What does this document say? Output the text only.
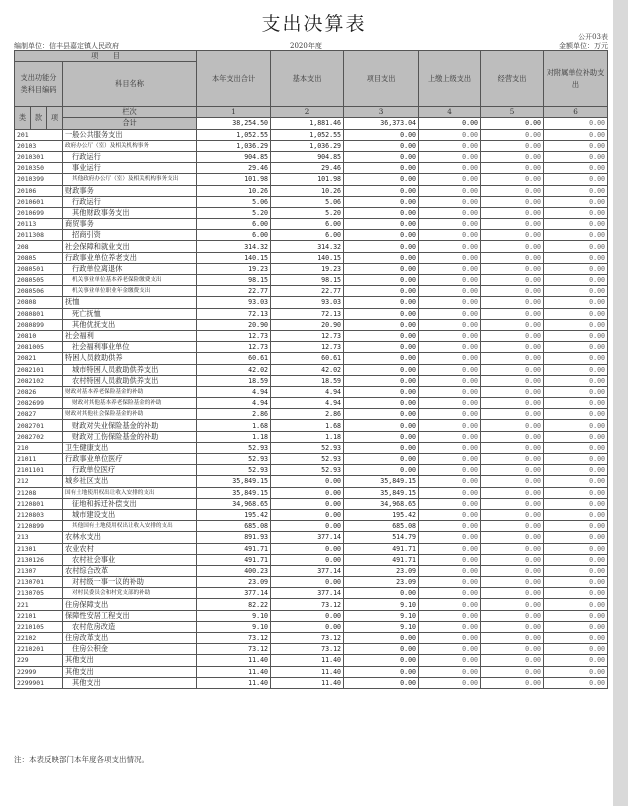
支出决算表
公开03表
编制单位：信丰县嘉定镇人民政府	2020年度	金额单位：万元
项　　目				本年支出合计	基本支出	项目支出	上缴上级支出	经营支出	对附属单位补助支出
支出功能分类科目编码			科目名称						
类	款	项	栏次	1	2	3	4	5	6
			合计	38,254.50	1,881.46	36,373.04	0.00	0.00	0.00
201			一般公共服务支出	1,052.55	1,052.55	0.00	0.00	0.00	0.00
20103			政府办公厅（室）及相关机构事务	1,036.29	1,036.29	0.00	0.00	0.00	0.00
2010301			行政运行	904.85	904.85	0.00	0.00	0.00	0.00
2010350			事业运行	29.46	29.46	0.00	0.00	0.00	0.00
2010399			其他政府办公厅（室）及相关机构事务支出	101.98	101.98	0.00	0.00	0.00	0.00
20106			财政事务	10.26	10.26	0.00	0.00	0.00	0.00
2010601			行政运行	5.06	5.06	0.00	0.00	0.00	0.00
2010699			其他财政事务支出	5.20	5.20	0.00	0.00	0.00	0.00
20113			商贸事务	6.00	6.00	0.00	0.00	0.00	0.00
2011308			招商引资	6.00	6.00	0.00	0.00	0.00	0.00
208			社会保障和就业支出	314.32	314.32	0.00	0.00	0.00	0.00
20805			行政事业单位养老支出	140.15	140.15	0.00	0.00	0.00	0.00
2080501			行政单位离退休	19.23	19.23	0.00	0.00	0.00	0.00
2080505			机关事业单位基本养老保险缴费支出	98.15	98.15	0.00	0.00	0.00	0.00
2080506			机关事业单位职业年金缴费支出	22.77	22.77	0.00	0.00	0.00	0.00
20808			抚恤	93.03	93.03	0.00	0.00	0.00	0.00
2080801			死亡抚恤	72.13	72.13	0.00	0.00	0.00	0.00
2080899			其他优抚支出	20.90	20.90	0.00	0.00	0.00	0.00
20810			社会福利	12.73	12.73	0.00	0.00	0.00	0.00
2081005			社会福利事业单位	12.73	12.73	0.00	0.00	0.00	0.00
20821			特困人员救助供养	60.61	60.61	0.00	0.00	0.00	0.00
2082101			城市特困人员救助供养支出	42.02	42.02	0.00	0.00	0.00	0.00
2082102			农村特困人员救助供养支出	18.59	18.59	0.00	0.00	0.00	0.00
20826			财政对基本养老保险基金的补助	4.94	4.94	0.00	0.00	0.00	0.00
2082699			财政对其他基本养老保险基金的补助	4.94	4.94	0.00	0.00	0.00	0.00
20827			财政对其他社会保险基金的补助	2.86	2.86	0.00	0.00	0.00	0.00
2082701			财政对失业保险基金的补助	1.68	1.68	0.00	0.00	0.00	0.00
2082702			财政对工伤保险基金的补助	1.18	1.18	0.00	0.00	0.00	0.00
210			卫生健康支出	52.93	52.93	0.00	0.00	0.00	0.00
21011			行政事业单位医疗	52.93	52.93	0.00	0.00	0.00	0.00
2101101			行政单位医疗	52.93	52.93	0.00	0.00	0.00	0.00
212			城乡社区支出	35,849.15	0.00	35,849.15	0.00	0.00	0.00
21208			国有土地使用权出让收入安排的支出	35,849.15	0.00	35,849.15	0.00	0.00	0.00
2120801			征地和拆迁补偿支出	34,968.65	0.00	34,968.65	0.00	0.00	0.00
2120803			城市建设支出	195.42	0.00	195.42	0.00	0.00	0.00
2120899			其他国有土地使用权出让收入安排的支出	685.08	0.00	685.08	0.00	0.00	0.00
213			农林水支出	891.93	377.14	514.79	0.00	0.00	0.00
21301			农业农村	491.71	0.00	491.71	0.00	0.00	0.00
2130126			农村社会事业	491.71	0.00	491.71	0.00	0.00	0.00
21307			农村综合改革	400.23	377.14	23.09	0.00	0.00	0.00
2130701			对村级一事一议的补助	23.09	0.00	23.09	0.00	0.00	0.00
2130705			对村民委员会和村党支部的补助	377.14	377.14	0.00	0.00	0.00	0.00
221			住房保障支出	82.22	73.12	9.10	0.00	0.00	0.00
22101			保障性安居工程支出	9.10	0.00	9.10	0.00	0.00	0.00
2210105			农村危房改造	9.10	0.00	9.10	0.00	0.00	0.00
22102			住房改革支出	73.12	73.12	0.00	0.00	0.00	0.00
2210201			住房公积金	73.12	73.12	0.00	0.00	0.00	0.00
229			其他支出	11.40	11.40	0.00	0.00	0.00	0.00
22999			其他支出	11.40	11.40	0.00	0.00	0.00	0.00
2299901			其他支出	11.40	11.40	0.00	0.00	0.00	0.00
注：本表反映部门本年度各项支出情况。
